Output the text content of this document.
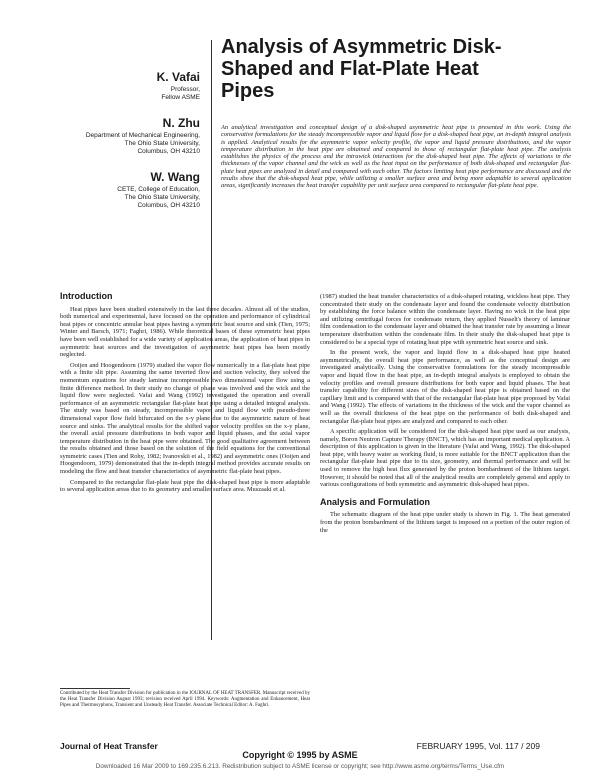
K. Vafai
Professor,
Fellow ASME
N. Zhu
Department of Mechanical Engineering,
The Ohio State University,
Columbus, OH 43210
W. Wang
CETE, College of Education,
The Ohio State University,
Columbus, OH 43210
Analysis of Asymmetric Disk-
Shaped and Flat-Plate Heat
Pipes

An analytical investigation and conceptual design of a disk-shaped asymmetric heat pipe is presented in this work. Using the conservative formulations for the steady incompressible vapor and liquid flow for a disk-shaped heat pipe, an in-depth integral analysis is applied. Analytical results for the asymmetric vapor velocity profile, the vapor and liquid pressure distributions, and the vapor temperature distribution in the heat pipe are obtained and compared to those of rectangular flat-plate heat pipe. The analysis establishes the physics of the process and the intrawick interactions for the disk-shaped heat pipe. The effects of variations in the thicknesses of the vapor channel and the wick as well as the heat input on the performance of both disk-shaped and rectangular flat-plate heat pipes are analyzed in detail and compared with each other. The factors limiting heat pipe performance are discussed and the results show that the disk-shaped heat pipe, while utilizing a smaller surface area and being more adaptable to several application areas, significantly increases the heat transfer capability per unit surface area compared to rectangular flat-plate heat pipe.

Introduction

Heat pipes have been studied extensively in the last three decades. Almost all of the studies, both numerical and experimental, have focused on the operation and performance of cylindrical heat pipes or concentric annular heat pipes having a symmetric heat source and sink (Tien, 1975; Winter and Barsch, 1971; Faghri, 1986). While theoretical bases of these symmetric heat pipes have been well established for a wide variety of application areas, the application of heat pipes in asymmetric heat sources and the investigation of asymmetric heat pipes has been mostly neglected.

Ooijen and Hoogendoorn (1979) studied the vapor flow numerically in a flat-plate heat pipe with a finite slit pipe. Assuming the same inverted flow and suction velocity, they solved the momentum equations for steady laminar incompressible two dimensional vapor flow using a finite difference method. In their study no change of phase was involved and the wick and the liquid flow were neglected. Vafai and Wang (1992) investigated the operation and overall performance of an asymmetric rectangular flat-plate heat pipe using a detailed integral analysis. The study was based on steady, incompressible vapor and liquid flow with pseudo-three dimensional vapor flow field bifurcated on the x-y plane due to the asymmetric nature of heat source and sinks. The analytical results for the shifted vapor velocity profiles on the x-y plane, the overall axial pressure distributions in both vapor and liquid phases, and the axial vapor temperature distribution in the heat pipe were obtained. The good qualitative agreement between the results obtained and those based on the solution of the field equations for the conventional symmetric cases (Tien and Rohy, 1982; Ivanovskii et al., 1982) and asymmetric ones (Ooijen and Hoogendoorn, 1979) demonstrated that the in-depth integral method provides accurate results on modeling the flow and heat transfer characteristics of asymmetric flat-plate heat pipes.

Compared to the rectangular flat-plate heat pipe the disk-shaped heat pipe is more adaptable to several application areas due to its geometry and smaller surface area. Muszaaki et al.

(1987) studied the heat transfer characteristics of a disk-shaped rotating, wickless heat pipe. They concentrated their study on the condensate layer and found the condensate velocity distribution by establishing the force balance within the condensate layer. Having no wick in the heat pipe and utilizing centrifugal forces for condensate return, they applied Nusselt's theory of laminar film condensation to the condensate layer and obtained the heat transfer rate by assuming a linear temperature distribution within the condensate film. In their study the disk-shaped heat pipe is considered to be a special type of rotating heat pipe with symmetric heat source and sink.

In the present work, the vapor and liquid flow in a disk-shaped heat pipe heated asymmetrically, the overall heat pipe performance, as well as the conceptual design are investigated analytically. Using the conservative formulations for the steady incompressible vapor and liquid flow in the heat pipe, an in-depth integral analysis is employed to obtain the velocity profiles and overall pressure distributions for both vapor and liquid phases. The heat transfer capability for different sizes of the disk-shaped heat pipe is obtained based on the capillary limit and is compared with that of the rectangular flat-plate heat pipe proposed by Vafai and Wang (1992). The effects of variations in the thickness of the wick and the vapor channel as well as the overall thickness of the heat pipe on the performance of both disk-shaped and rectangular flat-plate heat pipes are analyzed and compared to each other.

A specific application will be considered for the disk-shaped heat pipe used as our analysis, namely, Boron Neutron Capture Therapy (BNCT), which has an important medical application. A description of this application is given in the literature (Vafai and Wang, 1992). The disk-shaped heat pipe, with heavy water as working fluid, is more suitable for the BNCT application than the rectangular flat-plate heat pipe due to its size, geometry, and thermal performance and will be used to remove the high heat flux generated by the proton bombardment of the lithium target. However, it should be noted that all of the analytical results are completely general and apply to various configurations of both symmetric and asymmetric disk-shaped heat pipes.

Analysis and Formulation

The schematic diagram of the heat pipe under study is shown in Fig. 1. The heat generated from the proton bombardment of the lithium target is imposed on a portion of the outer region of the

Contributed by the Heat Transfer Division for publication in the JOURNAL OF HEAT TRANSFER. Manuscript received by the Heat Transfer Division August 1993; revision received April 1994. Keywords: Augmentation and Enhancement, Heat Pipes and Thermosyphons, Transient and Unsteady Heat Transfer. Associate Technical Editor: A. Faghri.

Journal of Heat Transfer	FEBRUARY 1995, Vol. 117 / 209
Copyright © 1995 by ASME
Downloaded 16 Mar 2009 to 169.235.6.213. Redistribution subject to ASME license or copyright; see http://www.asme.org/terms/Terms_Use.cfm
